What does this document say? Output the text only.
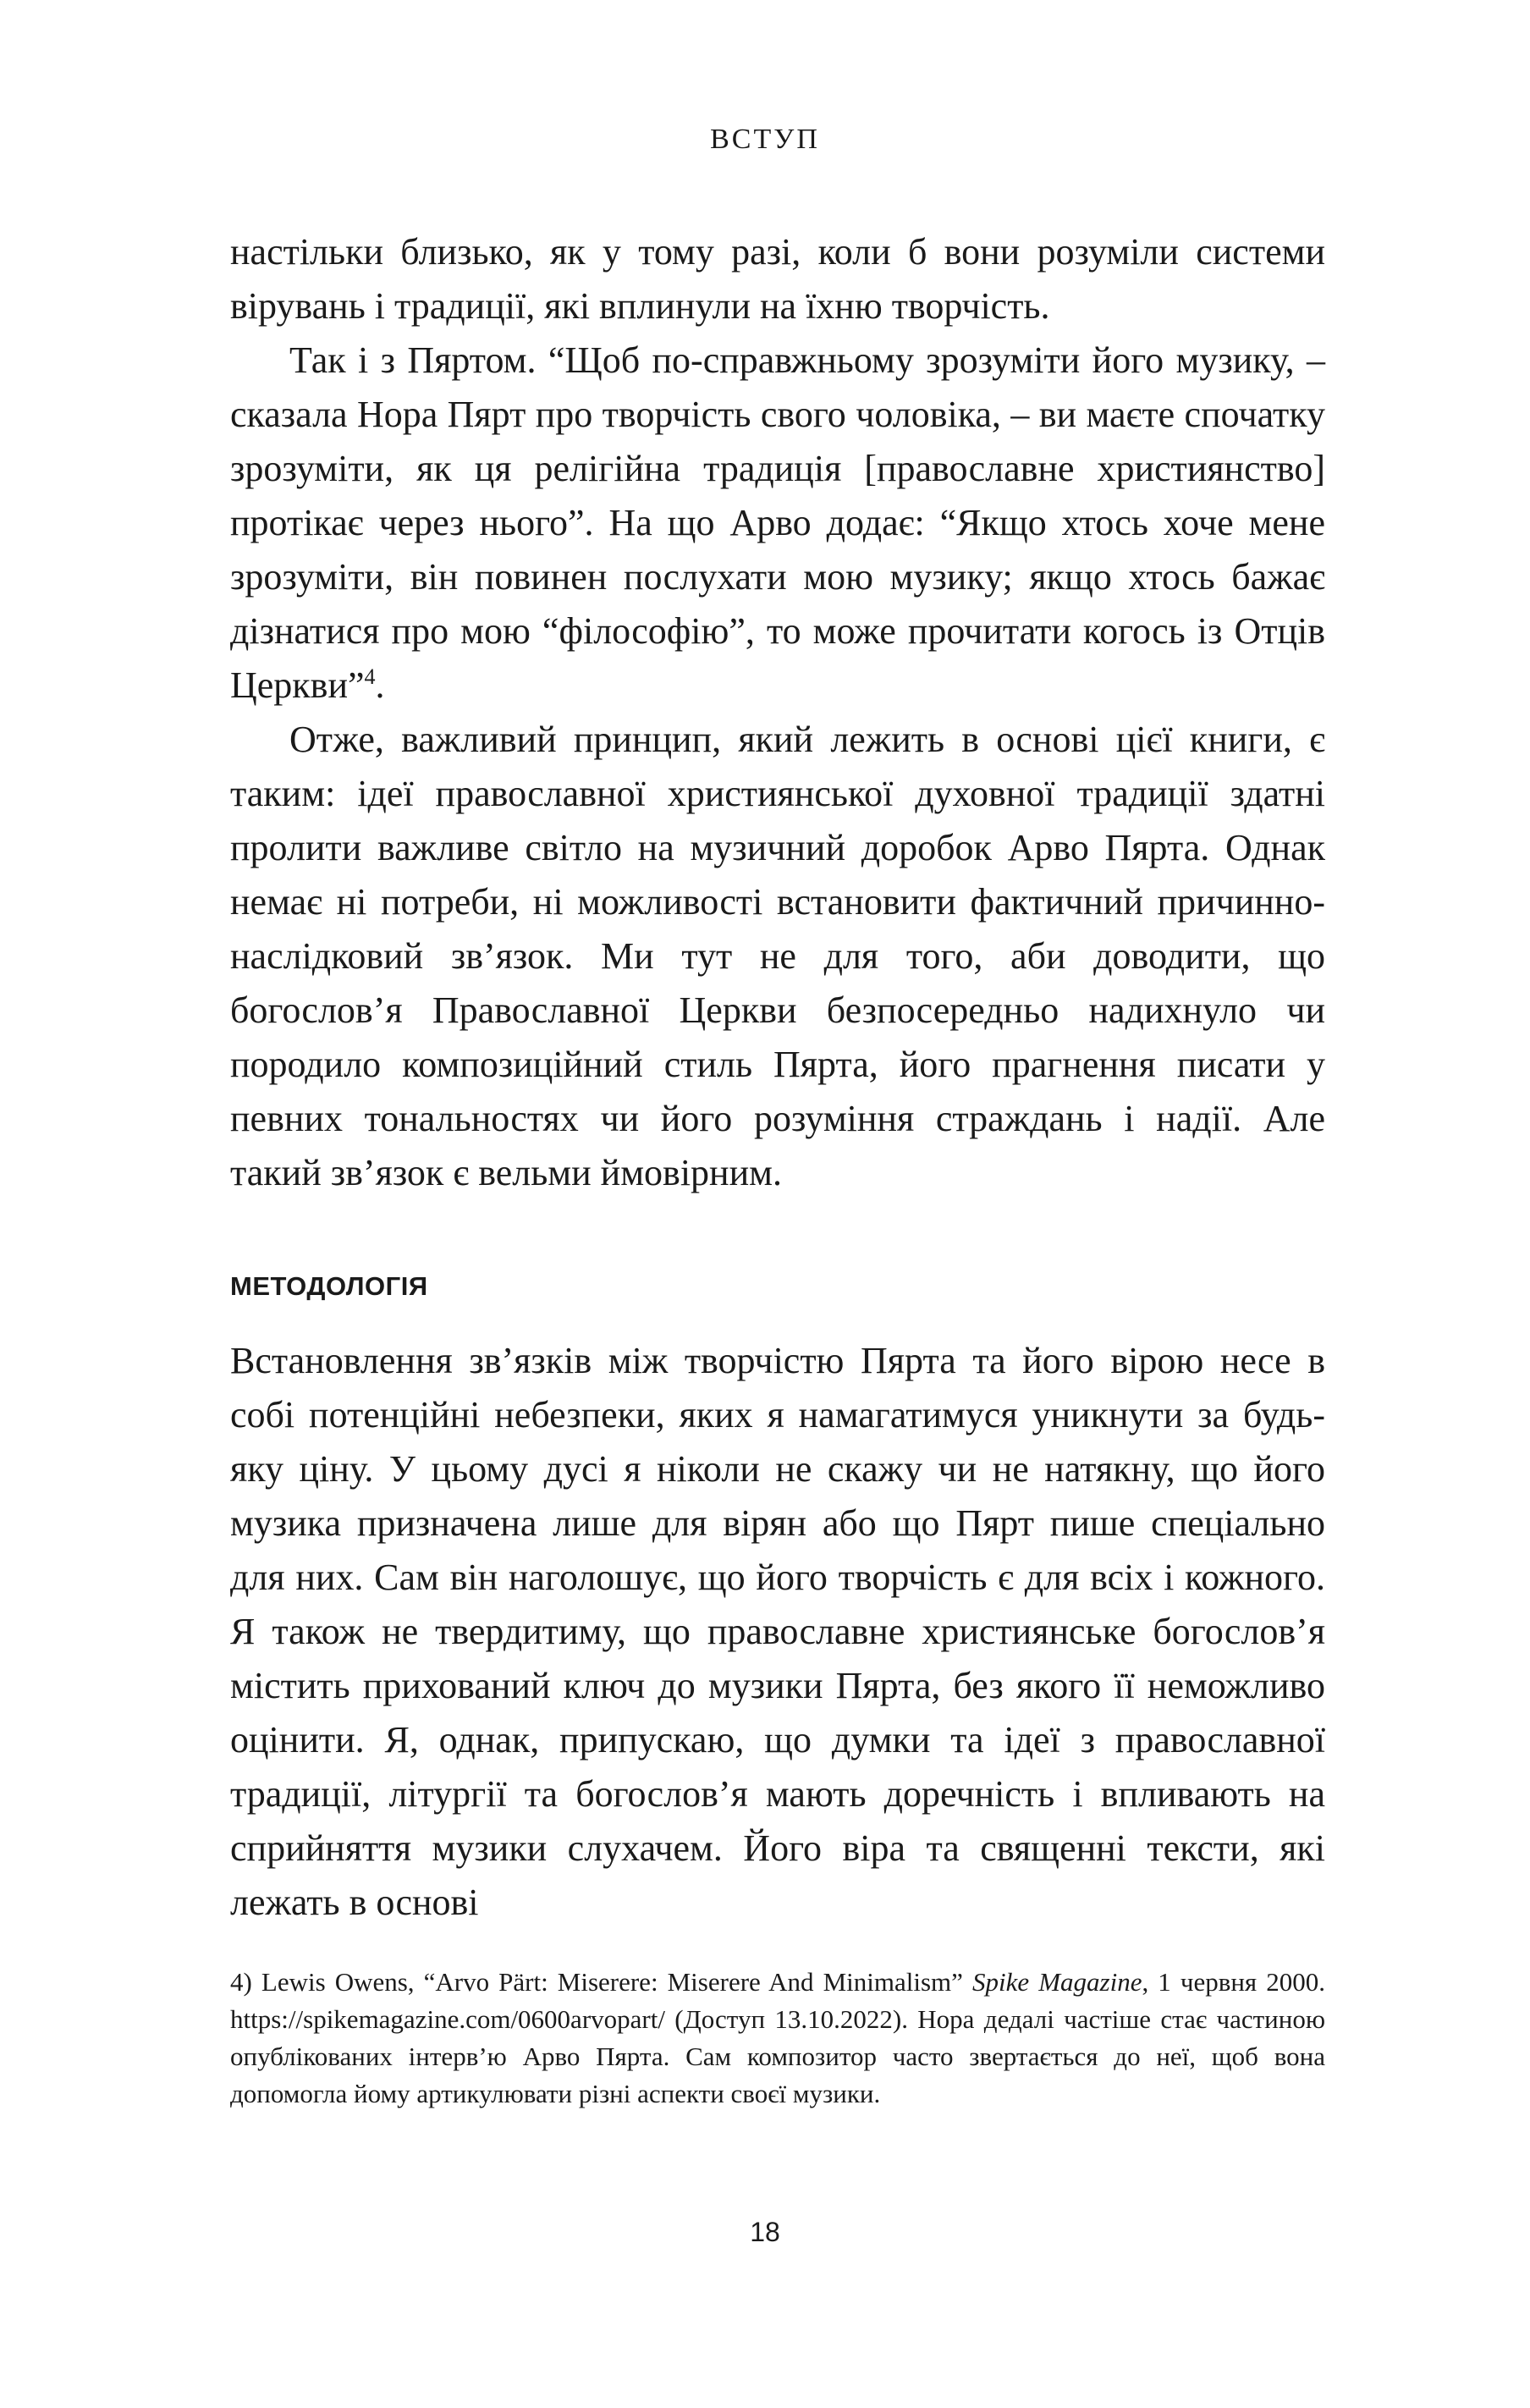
ВСТУП

настільки близько, як у тому разі, коли б вони розуміли системи вірувань і традиції, які вплинули на їхню творчість.

Так і з Пяртом. “Щоб по-справжньому зрозуміти його музику, – сказала Нора Пярт про творчість свого чоловіка, – ви маєте спочатку зрозуміти, як ця релігійна традиція [православне християнство] протікає через нього”. На що Арво додає: “Якщо хтось хоче мене зрозуміти, він повинен послухати мою музику; якщо хтось бажає дізнатися про мою “філософію”, то може прочитати когось із Отців Церкви”$^4$.

Отже, важливий принцип, який лежить в основі цієї книги, є таким: ідеї православної християнської духовної традиції здатні пролити важливе світло на музичний доробок Арво Пярта. Однак немає ні потреби, ні можливості встановити фактичний причинно-наслідковий зв’язок. Ми тут не для того, аби доводити, що богослов’я Православної Церкви безпосередньо надихнуло чи породило композиційний стиль Пярта, його прагнення писати у певних тональностях чи його розуміння страждань і надії. Але такий зв’язок є вельми ймовірним.

МЕТОДОЛОГІЯ

Встановлення зв’язків між творчістю Пярта та його вірою несе в собі потенційні небезпеки, яких я намагатимуся уникнути за будь-яку ціну. У цьому дусі я ніколи не скажу чи не натякну, що його музика призначена лише для вірян або що Пярт пише спеціально для них. Сам він наголошує, що його творчість є для всіх і кожного. Я також не твердитиму, що православне християнське богослов’я містить прихований ключ до музики Пярта, без якого її неможливо оцінити. Я, однак, припускаю, що думки та ідеї з православної традиції, літургії та богослов’я мають доречність і впливають на сприйняття музики слухачем. Його віра та священні тексти, які лежать в основі

4) Lewis Owens, “Arvo Pärt: Miserere: Miserere And Minimalism” Spike Magazine, 1 червня 2000. https://spikemagazine.com/0600arvopart/ (Доступ 13.10.2022). Нора дедалі частіше стає частиною опублікованих інтерв’ю Арво Пярта. Сам композитор часто звертається до неї, щоб вона допомогла йому артикулювати різні аспекти своєї музики.

18
